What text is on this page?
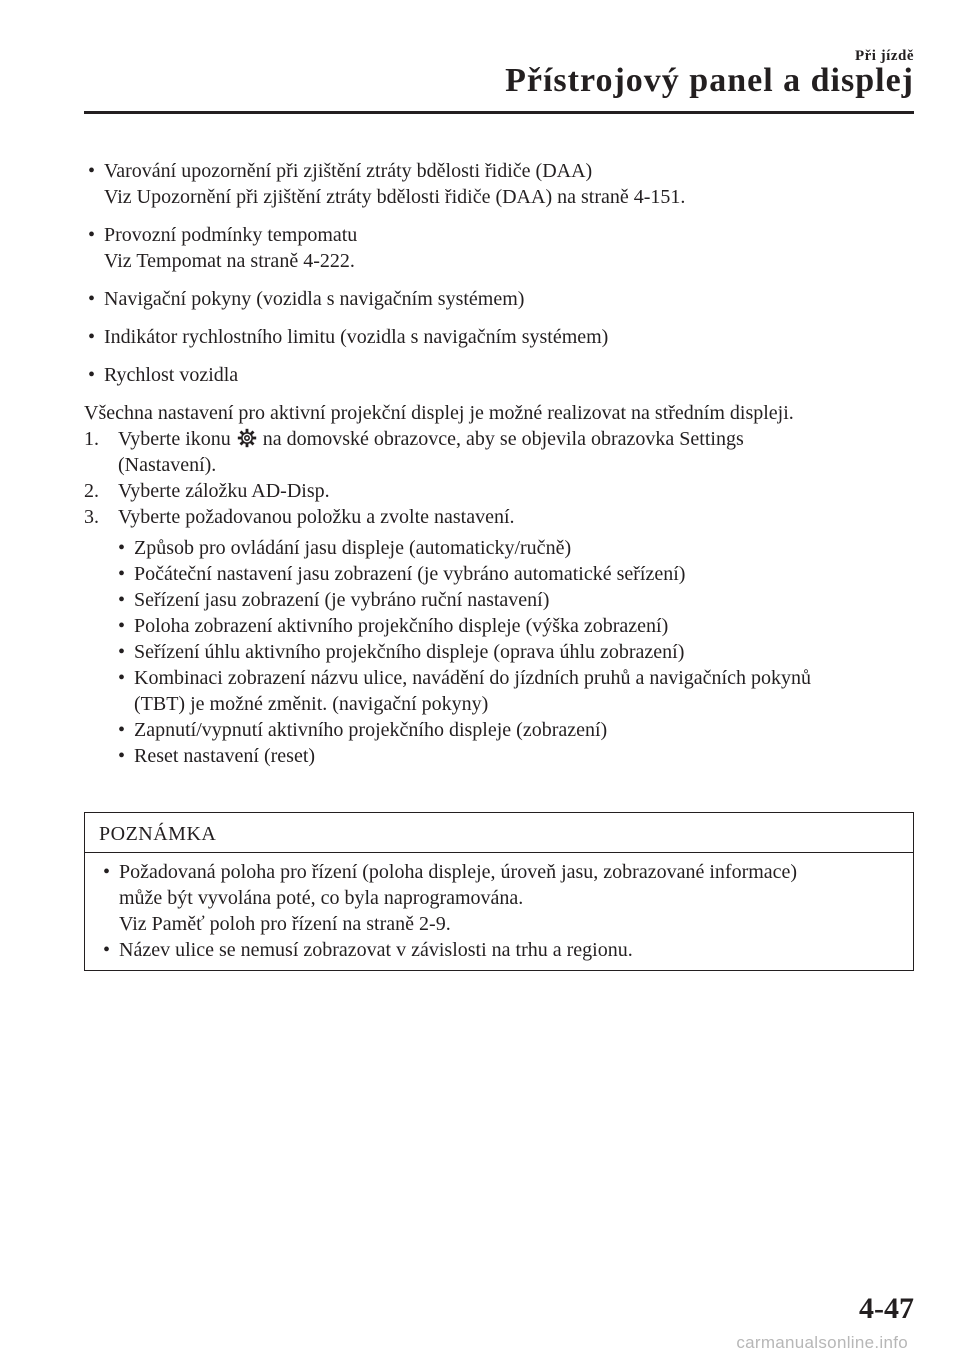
Při jízdě
Přístrojový panel a displej
• Varování upozornění při zjištění ztráty bdělosti řidiče (DAA)
Viz Upozornění při zjištění ztráty bdělosti řidiče (DAA) na straně 4-151.
• Provozní podmínky tempomatu
Viz Tempomat na straně 4-222.
• Navigační pokyny (vozidla s navigačním systémem)
• Indikátor rychlostního limitu (vozidla s navigačním systémem)
• Rychlost vozidla
Všechna nastavení pro aktivní projekční displej je možné realizovat na středním displeji.
1. Vyberte ikonu na domovské obrazovce, aby se objevila obrazovka Settings
(Nastavení).
2. Vyberte záložku AD-Disp.
3. Vyberte požadovanou položku a zvolte nastavení.
• Způsob pro ovládání jasu displeje (automaticky/ručně)
• Počáteční nastavení jasu zobrazení (je vybráno automatické seřízení)
• Seřízení jasu zobrazení (je vybráno ruční nastavení)
• Poloha zobrazení aktivního projekčního displeje (výška zobrazení)
• Seřízení úhlu aktivního projekčního displeje (oprava úhlu zobrazení)
• Kombinaci zobrazení názvu ulice, navádění do jízdních pruhů a navigačních pokynů
(TBT) je možné změnit. (navigační pokyny)
• Zapnutí/vypnutí aktivního projekčního displeje (zobrazení)
• Reset nastavení (reset)
POZNÁMKA
• Požadovaná poloha pro řízení (poloha displeje, úroveň jasu, zobrazované informace)
může být vyvolána poté, co byla naprogramována.
Viz Paměť poloh pro řízení na straně 2-9.
• Název ulice se nemusí zobrazovat v závislosti na trhu a regionu.
4-47
carmanualsonline.info
